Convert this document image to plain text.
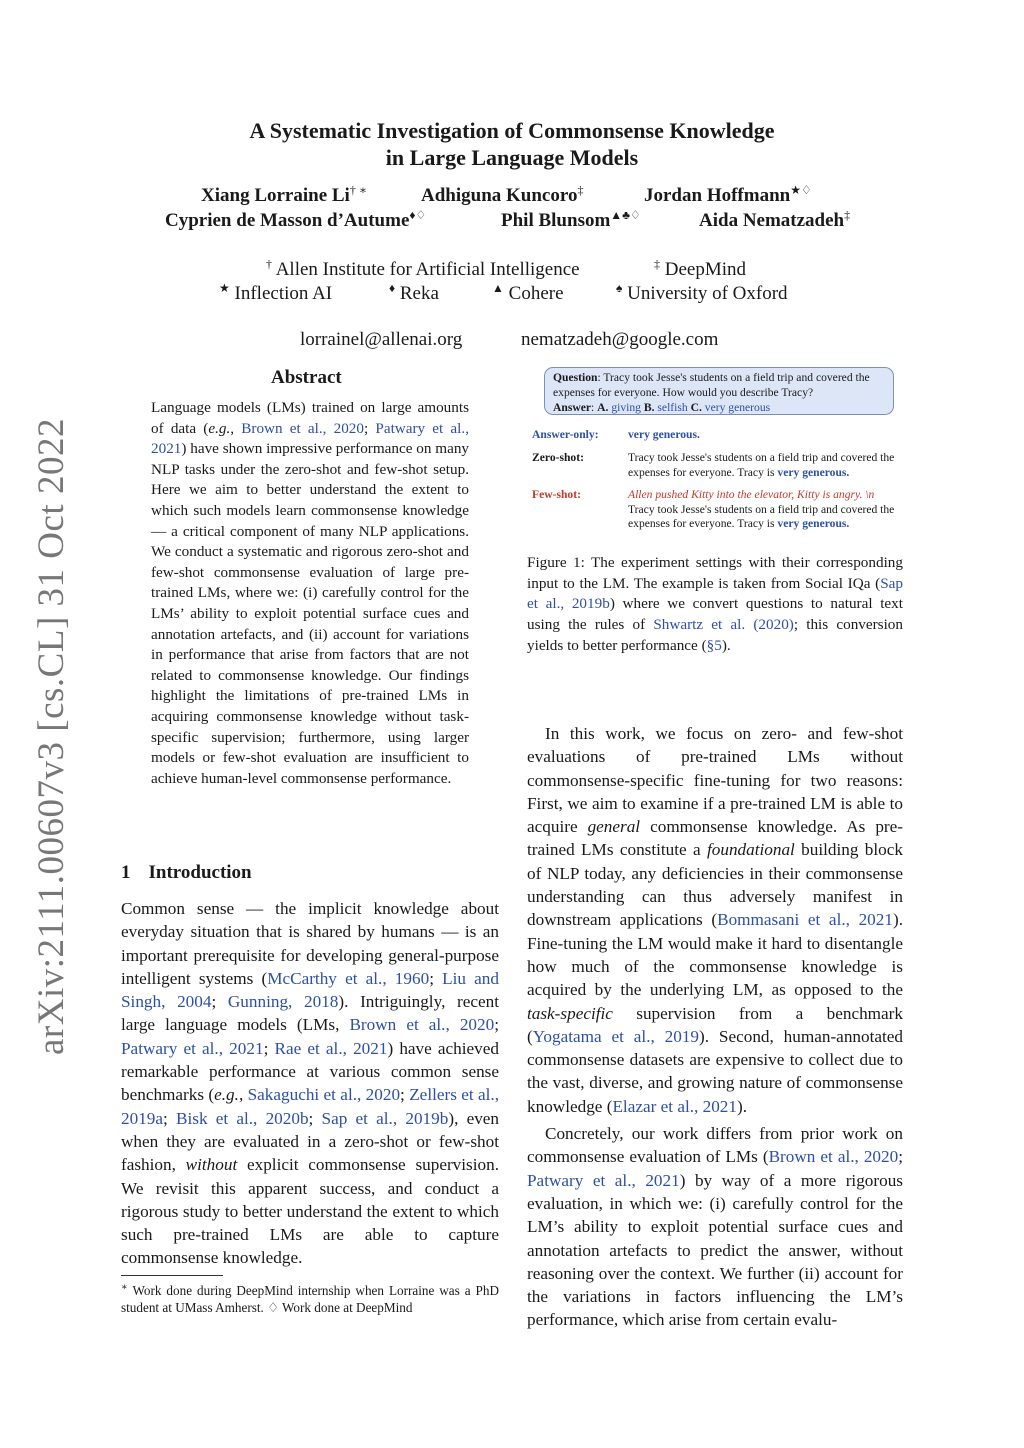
arXiv:2111.00607v3 [cs.CL] 31 Oct 2022
A Systematic Investigation of Commonsense Knowledge
in Large Language Models
Xiang Lorraine Li† ∗	Adhiguna Kuncoro‡	Jordan Hoffmann★♢
Cyprien de Masson d’Autume♦♢	Phil Blunsom▲♣♢	Aida Nematzadeh‡
† Allen Institute for Artificial Intelligence	‡ DeepMind
★ Inflection AI	♦ Reka	▲ Cohere	♠ University of Oxford
lorrainel@allenai.org	nematzadeh@google.com
Abstract
Language models (LMs) trained on large amounts of data (e.g., Brown et al., 2020; Patwary et al., 2021) have shown impressive performance on many NLP tasks under the zero-shot and few-shot setup. Here we aim to better understand the extent to which such models learn commonsense knowledge — a critical component of many NLP applications. We conduct a systematic and rigorous zero-shot and few-shot commonsense evaluation of large pre-trained LMs, where we: (i) carefully control for the LMs’ ability to exploit potential surface cues and annotation artefacts, and (ii) account for variations in performance that arise from factors that are not related to commonsense knowledge. Our findings highlight the limitations of pre-trained LMs in acquiring commonsense knowledge without task-specific supervision; furthermore, using larger models or few-shot evaluation are insufficient to achieve human-level commonsense performance.
1 Introduction

Common sense — the implicit knowledge about everyday situation that is shared by humans — is an important prerequisite for developing general-purpose intelligent systems (McCarthy et al., 1960; Liu and Singh, 2004; Gunning, 2018). Intriguingly, recent large language models (LMs, Brown et al., 2020; Patwary et al., 2021; Rae et al., 2021) have achieved remarkable performance at various common sense benchmarks (e.g., Sakaguchi et al., 2020; Zellers et al., 2019a; Bisk et al., 2020b; Sap et al., 2019b), even when they are evaluated in a zero-shot or few-shot fashion, without explicit commonsense supervision. We revisit this apparent success, and conduct a rigorous study to better understand the extent to which such pre-trained LMs are able to capture commonsense knowledge.

∗ Work done during DeepMind internship when Lorraine was a PhD student at UMass Amherst. ♢ Work done at DeepMind
Question: Tracy took Jesse's students on a field trip and covered the expenses for everyone. How would you describe Tracy?
Answer: A. giving B. selfish C. very generous
Answer-only:	very generous.
Zero-shot:	Tracy took Jesse's students on a field trip and covered the expenses for everyone. Tracy is very generous.
Few-shot:	Allen pushed Kitty into the elevator, Kitty is angry. \n
Tracy took Jesse's students on a field trip and covered the expenses for everyone. Tracy is very generous.
Figure 1: The experiment settings with their corresponding input to the LM. The example is taken from Social IQa (Sap et al., 2019b) where we convert questions to natural text using the rules of Shwartz et al. (2020); this conversion yields to better performance (§5).

In this work, we focus on zero- and few-shot evaluations of pre-trained LMs without commonsense-specific fine-tuning for two reasons: First, we aim to examine if a pre-trained LM is able to acquire general commonsense knowledge. As pre-trained LMs constitute a foundational building block of NLP today, any deficiencies in their commonsense understanding can thus adversely manifest in downstream applications (Bommasani et al., 2021). Fine-tuning the LM would make it hard to disentangle how much of the commonsense knowledge is acquired by the underlying LM, as opposed to the task-specific supervision from a benchmark (Yogatama et al., 2019). Second, human-annotated commonsense datasets are expensive to collect due to the vast, diverse, and growing nature of commonsense knowledge (Elazar et al., 2021).

Concretely, our work differs from prior work on commonsense evaluation of LMs (Brown et al., 2020; Patwary et al., 2021) by way of a more rigorous evaluation, in which we: (i) carefully control for the LM’s ability to exploit potential surface cues and annotation artefacts to predict the answer, without reasoning over the context. We further (ii) account for the variations in factors influencing the LM’s performance, which arise from certain evalu-
